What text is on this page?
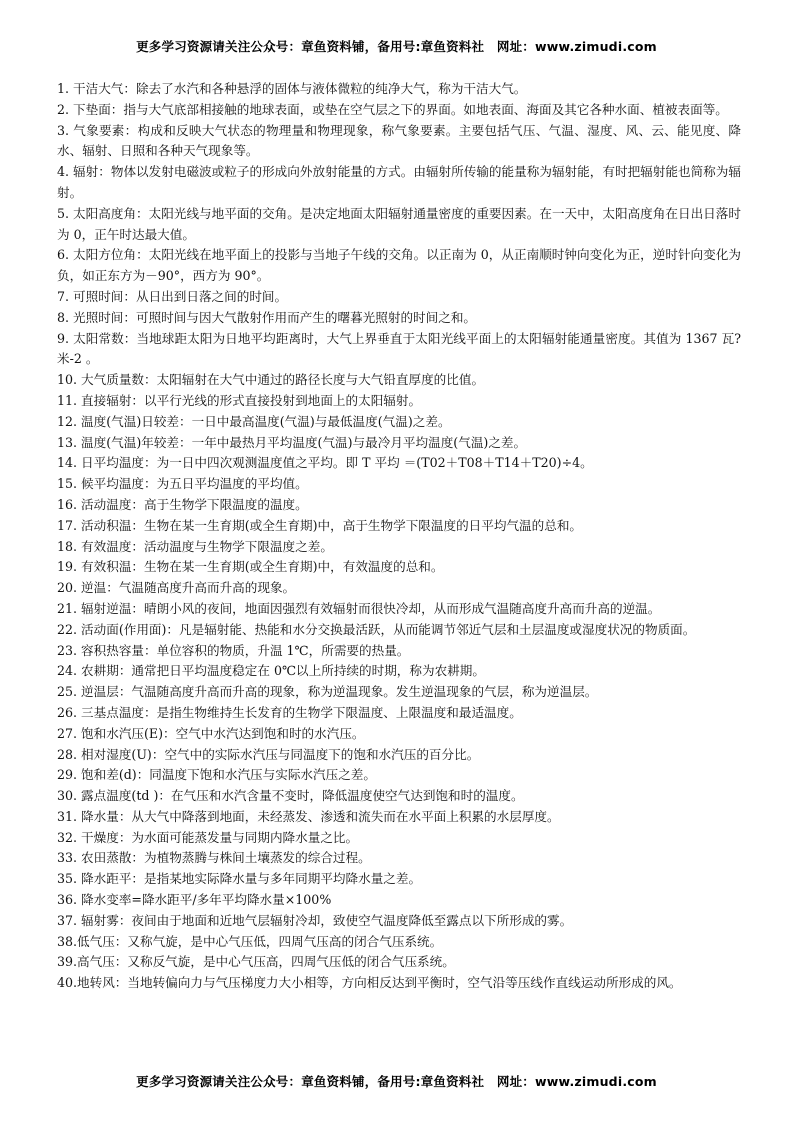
更多学习资源请关注公众号：章鱼资料铺，备用号:章鱼资料社　网址：www.zimudi.com

1. 干洁大气：除去了水汽和各种悬浮的固体与液体微粒的纯净大气，称为干洁大气。

2. 下垫面：指与大气底部相接触的地球表面，或垫在空气层之下的界面。如地表面、海面及其它各种水面、植被表面等。

3. 气象要素：构成和反映大气状态的物理量和物理现象，称气象要素。主要包括气压、气温、湿度、风、云、能见度、降水、辐射、日照和各种天气现象等。

4. 辐射：物体以发射电磁波或粒子的形成向外放射能量的方式。由辐射所传输的能量称为辐射能，有时把辐射能也简称为辐射。

5. 太阳高度角：太阳光线与地平面的交角。是决定地面太阳辐射通量密度的重要因素。在一天中，太阳高度角在日出日落时为 0，正午时达最大值。

6. 太阳方位角：太阳光线在地平面上的投影与当地子午线的交角。以正南为 0，从正南顺时钟向变化为正，逆时针向变化为负，如正东方为－90°，西方为 90°。

7. 可照时间：从日出到日落之间的时间。

8. 光照时间：可照时间与因大气散射作用而产生的曙暮光照射的时间之和。

9. 太阳常数：当地球距太阳为日地平均距离时，大气上界垂直于太阳光线平面上的太阳辐射能通量密度。其值为 1367 瓦?米-2 。

10. 大气质量数：太阳辐射在大气中通过的路径长度与大气铅直厚度的比值。

11. 直接辐射：以平行光线的形式直接投射到地面上的太阳辐射。

12. 温度(气温)日较差：一日中最高温度(气温)与最低温度(气温)之差。

13. 温度(气温)年较差：一年中最热月平均温度(气温)与最冷月平均温度(气温)之差。

14. 日平均温度：为一日中四次观测温度值之平均。即 T 平均 ＝(T02＋T08＋T14＋T20)÷4。

15. 候平均温度：为五日平均温度的平均值。

16. 活动温度：高于生物学下限温度的温度。

17. 活动积温：生物在某一生育期(或全生育期)中，高于生物学下限温度的日平均气温的总和。

18. 有效温度：活动温度与生物学下限温度之差。

19. 有效积温：生物在某一生育期(或全生育期)中，有效温度的总和。

20. 逆温：气温随高度升高而升高的现象。

21. 辐射逆温：晴朗小风的夜间，地面因强烈有效辐射而很快冷却，从而形成气温随高度升高而升高的逆温。

22. 活动面(作用面)：凡是辐射能、热能和水分交换最活跃，从而能调节邻近气层和土层温度或湿度状况的物质面。

23. 容积热容量：单位容积的物质，升温 1℃，所需要的热量。

24. 农耕期：通常把日平均温度稳定在 0℃以上所持续的时期，称为农耕期。

25. 逆温层：气温随高度升高而升高的现象，称为逆温现象。发生逆温现象的气层，称为逆温层。

26. 三基点温度：是指生物维持生长发育的生物学下限温度、上限温度和最适温度。

27. 饱和水汽压(E)：空气中水汽达到饱和时的水汽压。

28. 相对湿度(U)：空气中的实际水汽压与同温度下的饱和水汽压的百分比。

29. 饱和差(d)：同温度下饱和水汽压与实际水汽压之差。

30. 露点温度(td )：在气压和水汽含量不变时，降低温度使空气达到饱和时的温度。

31. 降水量：从大气中降落到地面，未经蒸发、渗透和流失而在水平面上积累的水层厚度。

32. 干燥度：为水面可能蒸发量与同期内降水量之比。

33. 农田蒸散：为植物蒸腾与株间土壤蒸发的综合过程。

35. 降水距平：是指某地实际降水量与多年同期平均降水量之差。

36. 降水变率=降水距平/多年平均降水量×100%

37. 辐射雾：夜间由于地面和近地气层辐射冷却，致使空气温度降低至露点以下所形成的雾。

38.低气压：又称气旋，是中心气压低，四周气压高的闭合气压系统。

39.高气压：又称反气旋，是中心气压高，四周气压低的闭合气压系统。

40.地转风：当地转偏向力与气压梯度力大小相等，方向相反达到平衡时，空气沿等压线作直线运动所形成的风。

更多学习资源请关注公众号：章鱼资料铺，备用号:章鱼资料社　网址：www.zimudi.com
